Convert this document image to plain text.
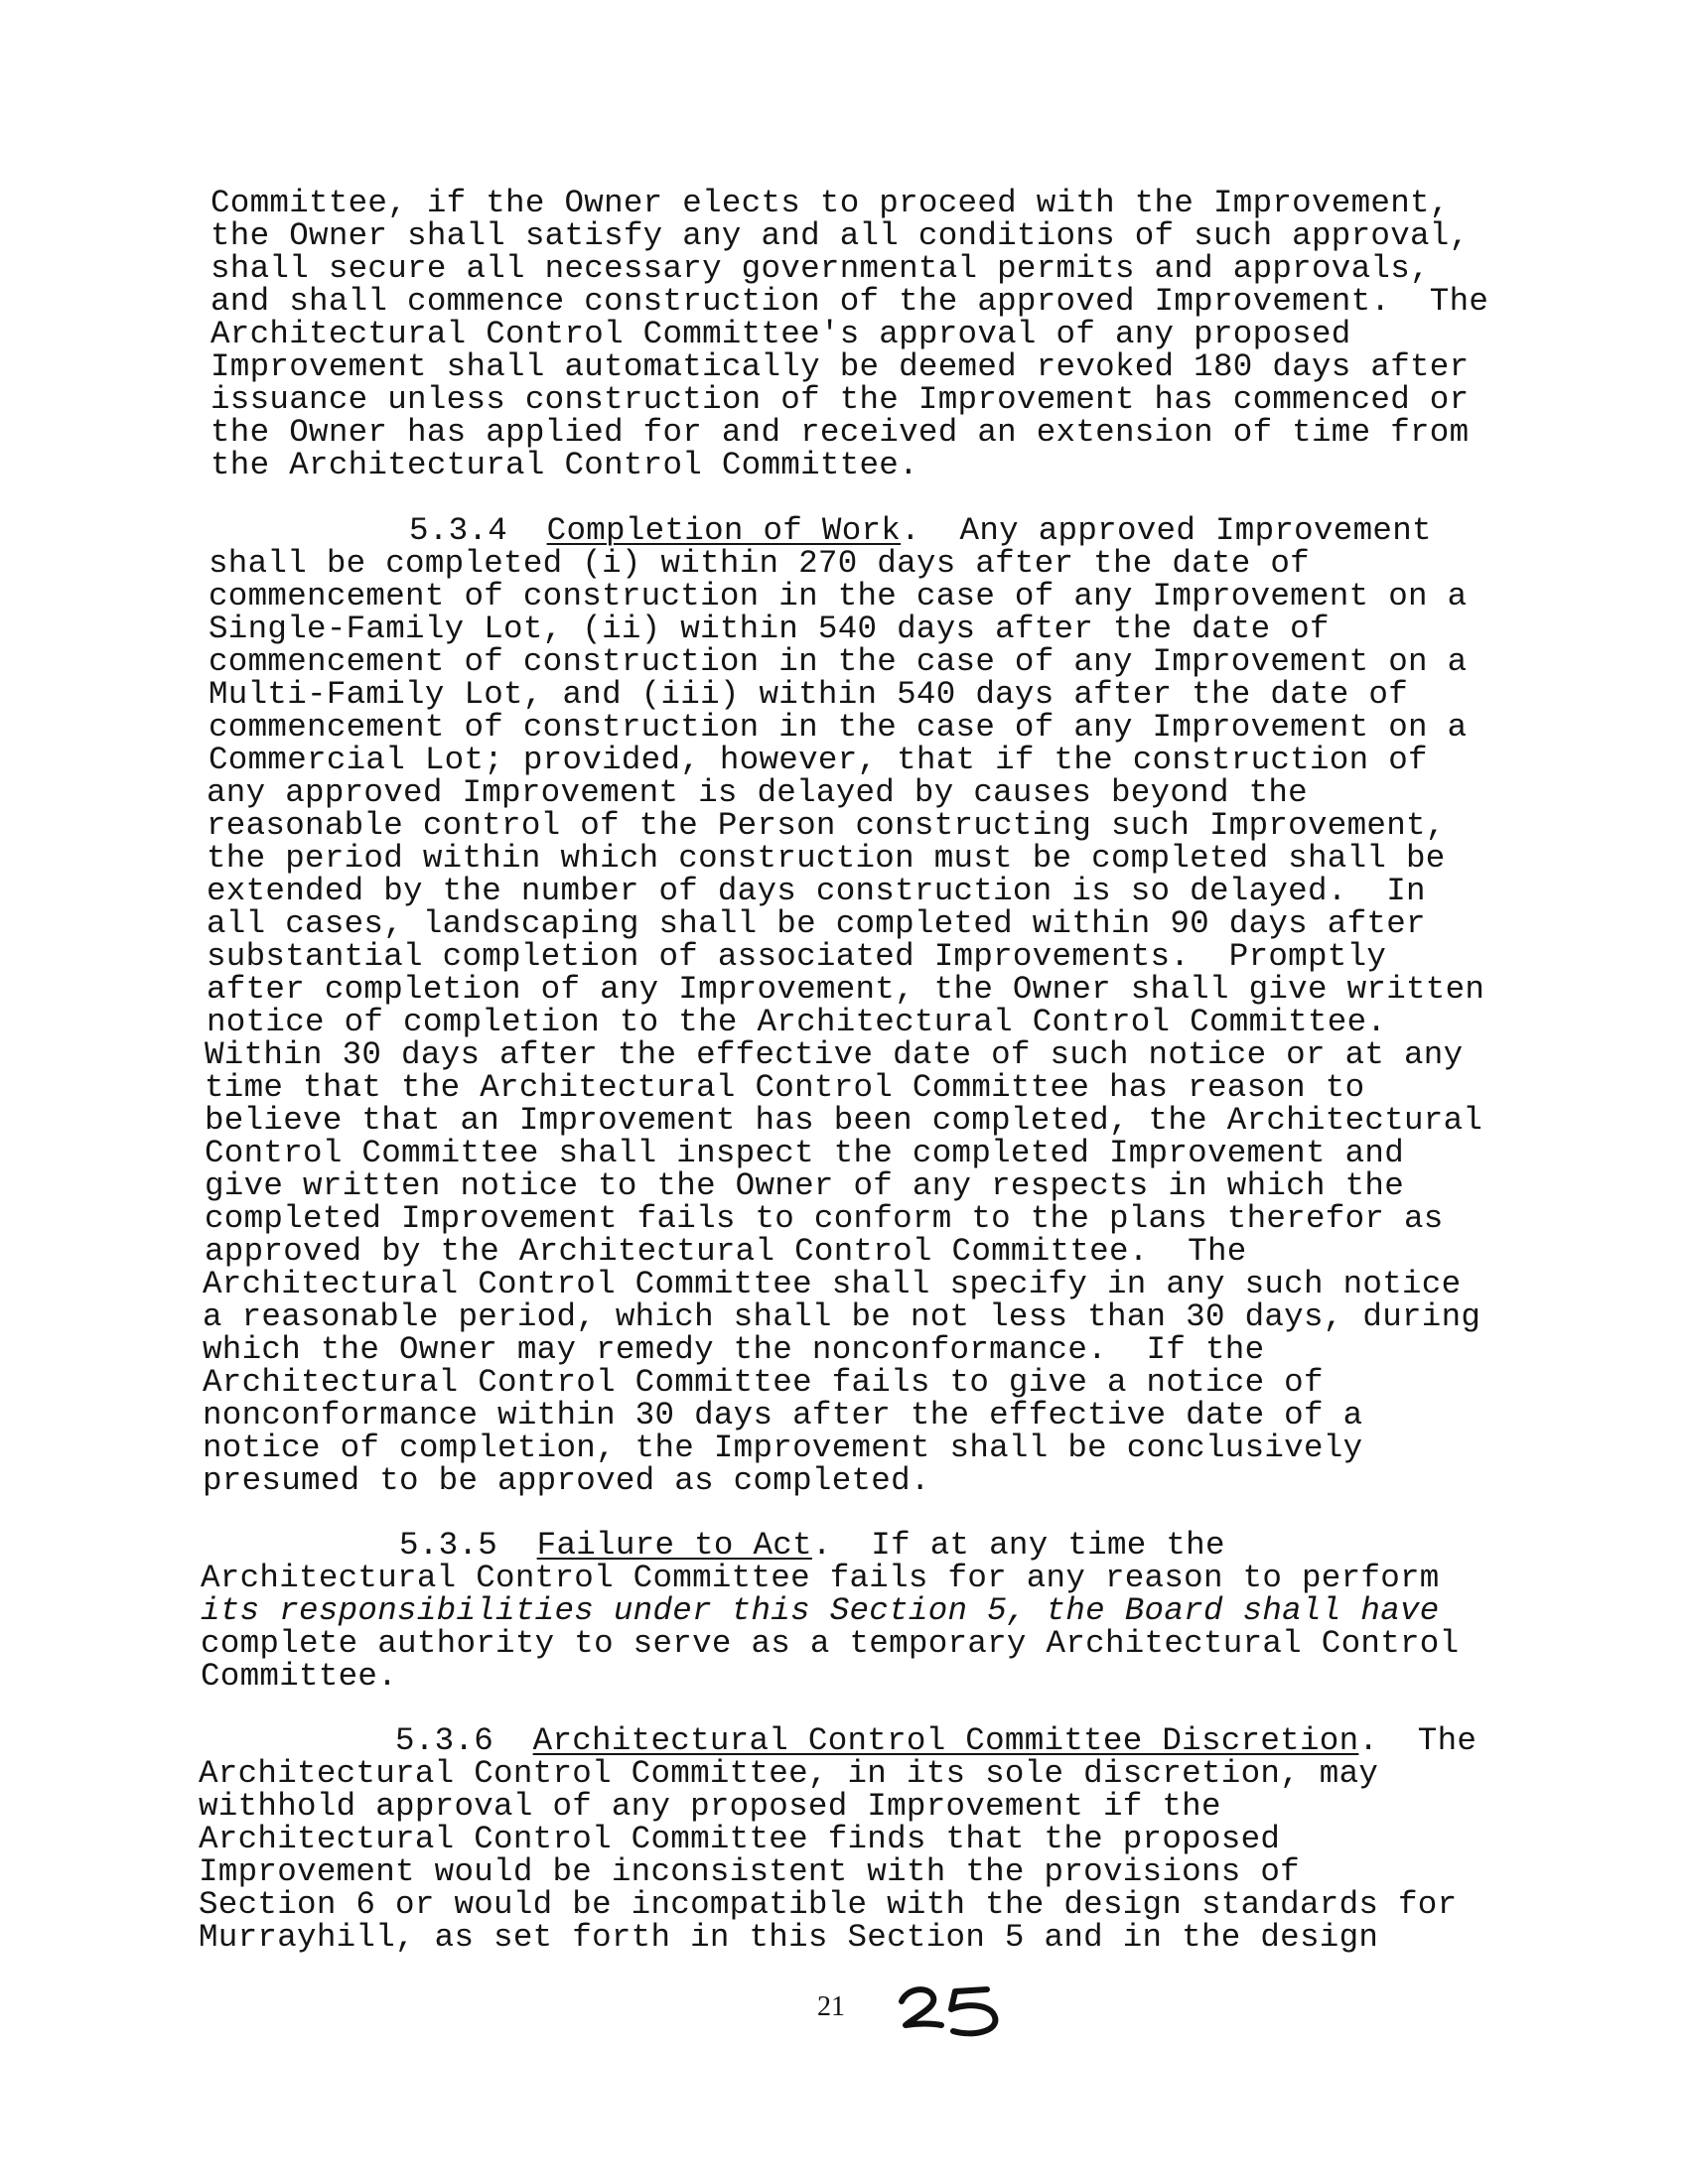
Committee, if the Owner elects to proceed with the Improvement,
the Owner shall satisfy any and all conditions of such approval,
shall secure all necessary governmental permits and approvals,
and shall commence construction of the approved Improvement.  The
Architectural Control Committee's approval of any proposed
Improvement shall automatically be deemed revoked 180 days after
issuance unless construction of the Improvement has commenced or
the Owner has applied for and received an extension of time from
the Architectural Control Committee.
5.3.4 Completion of Work.  Any approved Improvement
shall be completed (i) within 270 days after the date of
commencement of construction in the case of any Improvement on a
Single-Family Lot, (ii) within 540 days after the date of
commencement of construction in the case of any Improvement on a
Multi-Family Lot, and (iii) within 540 days after the date of
commencement of construction in the case of any Improvement on a
Commercial Lot; provided, however, that if the construction of
any approved Improvement is delayed by causes beyond the
reasonable control of the Person constructing such Improvement,
the period within which construction must be completed shall be
extended by the number of days construction is so delayed.  In
all cases, landscaping shall be completed within 90 days after
substantial completion of associated Improvements.  Promptly
after completion of any Improvement, the Owner shall give written
notice of completion to the Architectural Control Committee.
Within 30 days after the effective date of such notice or at any
time that the Architectural Control Committee has reason to
believe that an Improvement has been completed, the Architectural
Control Committee shall inspect the completed Improvement and
give written notice to the Owner of any respects in which the
completed Improvement fails to conform to the plans therefor as
approved by the Architectural Control Committee.  The
Architectural Control Committee shall specify in any such notice
a reasonable period, which shall be not less than 30 days, during
which the Owner may remedy the nonconformance.  If the
Architectural Control Committee fails to give a notice of
nonconformance within 30 days after the effective date of a
notice of completion, the Improvement shall be conclusively
presumed to be approved as completed.
5.3.5 Failure to Act.  If at any time the
Architectural Control Committee fails for any reason to perform
its responsibilities under this Section 5, the Board shall have
complete authority to serve as a temporary Architectural Control
Committee.
5.3.6 Architectural Control Committee Discretion.  The
Architectural Control Committee, in its sole discretion, may
withhold approval of any proposed Improvement if the
Architectural Control Committee finds that the proposed
Improvement would be inconsistent with the provisions of
Section 6 or would be incompatible with the design standards for
Murrayhill, as set forth in this Section 5 and in the design
21
